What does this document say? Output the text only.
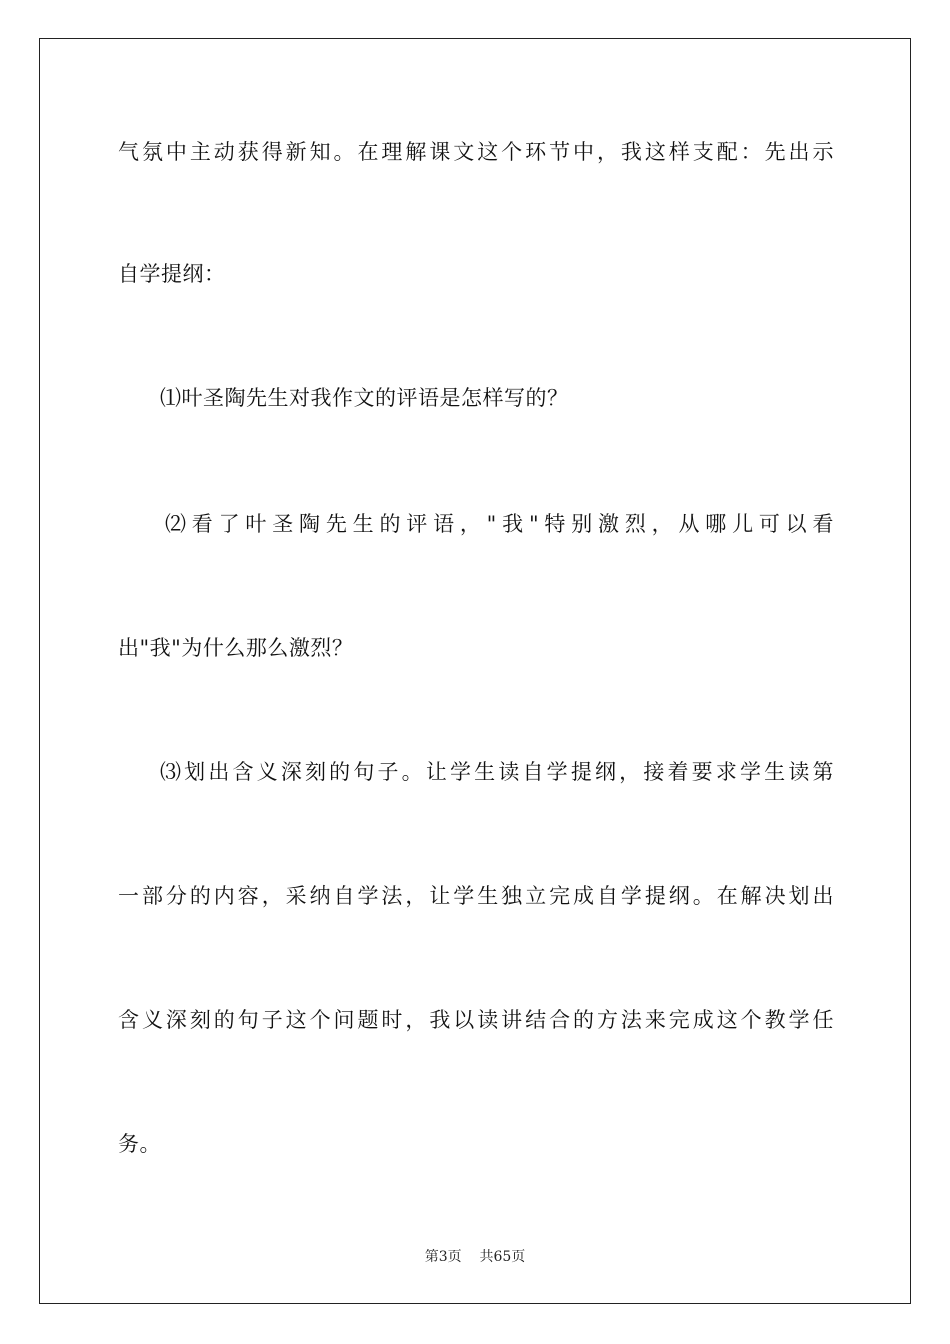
气氛中主动获得新知。在理解课文这个环节中，我这样支配：先出示
自学提纲：
⑴叶圣陶先生对我作文的评语是怎样写的？
⑵看了叶圣陶先生的评语，"我"特别激烈，从哪儿可以看
出"我"为什么那么激烈？
⑶划出含义深刻的句子。让学生读自学提纲，接着要求学生读第
一部分的内容，采纳自学法，让学生独立完成自学提纲。在解决划出
含义深刻的句子这个问题时，我以读讲结合的方法来完成这个教学任
务。
第3页 共65页
